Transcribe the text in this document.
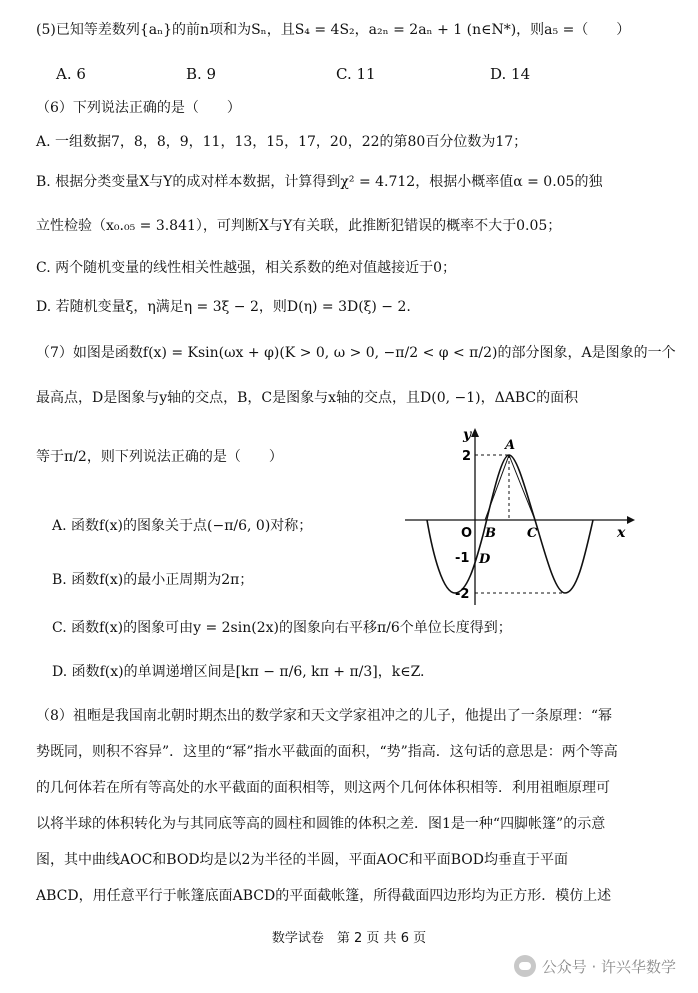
(5)已知等差数列{aₙ}的前n项和为Sₙ，且S₄ = 4S₂，a₂ₙ = 2aₙ + 1 (n∈N*)，则a₅ =（　　）
A. 6	B. 9	C. 11	D. 14
（6）下列说法正确的是（　　）
A. 一组数据7，8，8，9，11，13，15，17，20，22的第80百分位数为17；
B. 根据分类变量X与Y的成对样本数据，计算得到χ² = 4.712，根据小概率值α = 0.05的独
立性检验（x₀.₀₅ = 3.841），可判断X与Y有关联，此推断犯错误的概率不大于0.05；
C. 两个随机变量的线性相关性越强，相关系数的绝对值越接近于0；
D. 若随机变量ξ，η满足η = 3ξ − 2，则D(η) = 3D(ξ) − 2.
（7）如图是函数f(x) = Ksin(ωx + φ)(K > 0, ω > 0, −π/2 < φ < π/2)的部分图象，A是图象的一个
最高点，D是图象与y轴的交点，B，C是图象与x轴的交点，且D(0, −1)，ΔABC的面积
等于π/2，则下列说法正确的是（　　）
A. 函数f(x)的图象关于点(−π/6, 0)对称；
B. 函数f(x)的最小正周期为2π；
C. 函数f(x)的图象可由y = 2sin(2x)的图象向右平移π/6个单位长度得到；
D. 函数f(x)的单调递增区间是[kπ − π/6, kπ + π/3]，k∈Z.
y
x
O
2
-1
-2
A
B C
D
（8）祖暅是我国南北朝时期杰出的数学家和天文学家祖冲之的儿子，他提出了一条原理：“幂
势既同，则积不容异”．这里的“幂”指水平截面的面积，“势”指高．这句话的意思是：两个等高
的几何体若在所有等高处的水平截面的面积相等，则这两个几何体体积相等．利用祖暅原理可
以将半球的体积转化为与其同底等高的圆柱和圆锥的体积之差．图1是一种“四脚帐篷”的示意
图，其中曲线AOC和BOD均是以2为半径的半圆，平面AOC和平面BOD均垂直于平面
ABCD，用任意平行于帐篷底面ABCD的平面截帐篷，所得截面四边形均为正方形．模仿上述
数学试卷　第 2 页 共 6 页
公众号 · 许兴华数学
